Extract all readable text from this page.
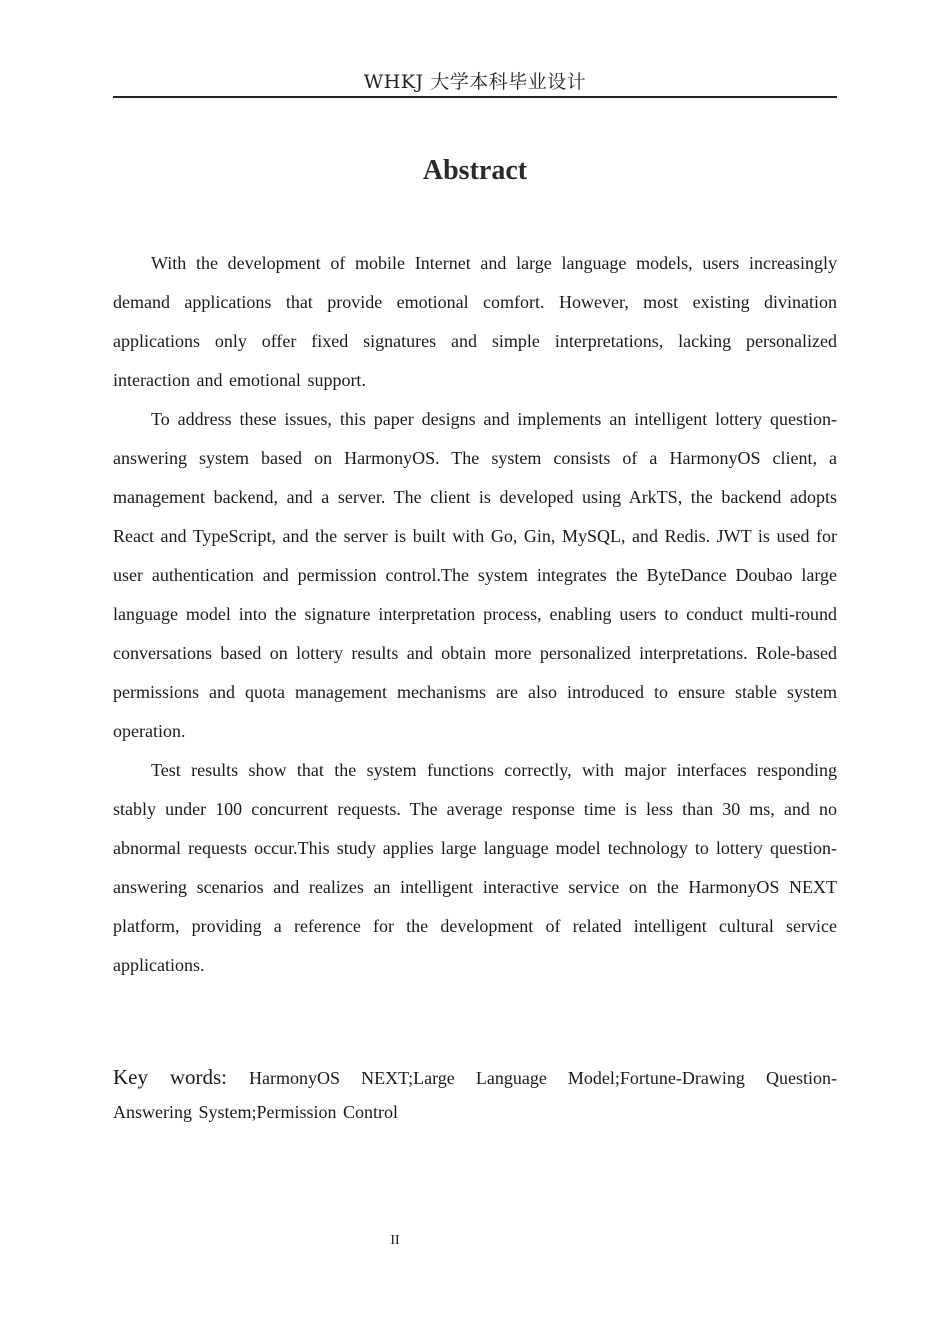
WHKJ 大学本科毕业设计
Abstract

With the development of mobile Internet and large language models, users increasingly demand applications that provide emotional comfort. However, most existing divination applications only offer fixed signatures and simple interpretations, lacking personalized interaction and emotional support.

To address these issues, this paper designs and implements an intelligent lottery question-answering system based on HarmonyOS. The system consists of a HarmonyOS client, a management backend, and a server. The client is developed using ArkTS, the backend adopts React and TypeScript, and the server is built with Go, Gin, MySQL, and Redis. JWT is used for user authentication and permission control.The system integrates the ByteDance Doubao large language model into the signature interpretation process, enabling users to conduct multi-round conversations based on lottery results and obtain more personalized interpretations. Role-based permissions and quota management mechanisms are also introduced to ensure stable system operation.

Test results show that the system functions correctly, with major interfaces responding stably under 100 concurrent requests. The average response time is less than 30 ms, and no abnormal requests occur.This study applies large language model technology to lottery question-answering scenarios and realizes an intelligent interactive service on the HarmonyOS NEXT platform, providing a reference for the development of related intelligent cultural service applications.

Key words: HarmonyOS NEXT;Large Language Model;Fortune-Drawing Question-Answering System;Permission Control
II
